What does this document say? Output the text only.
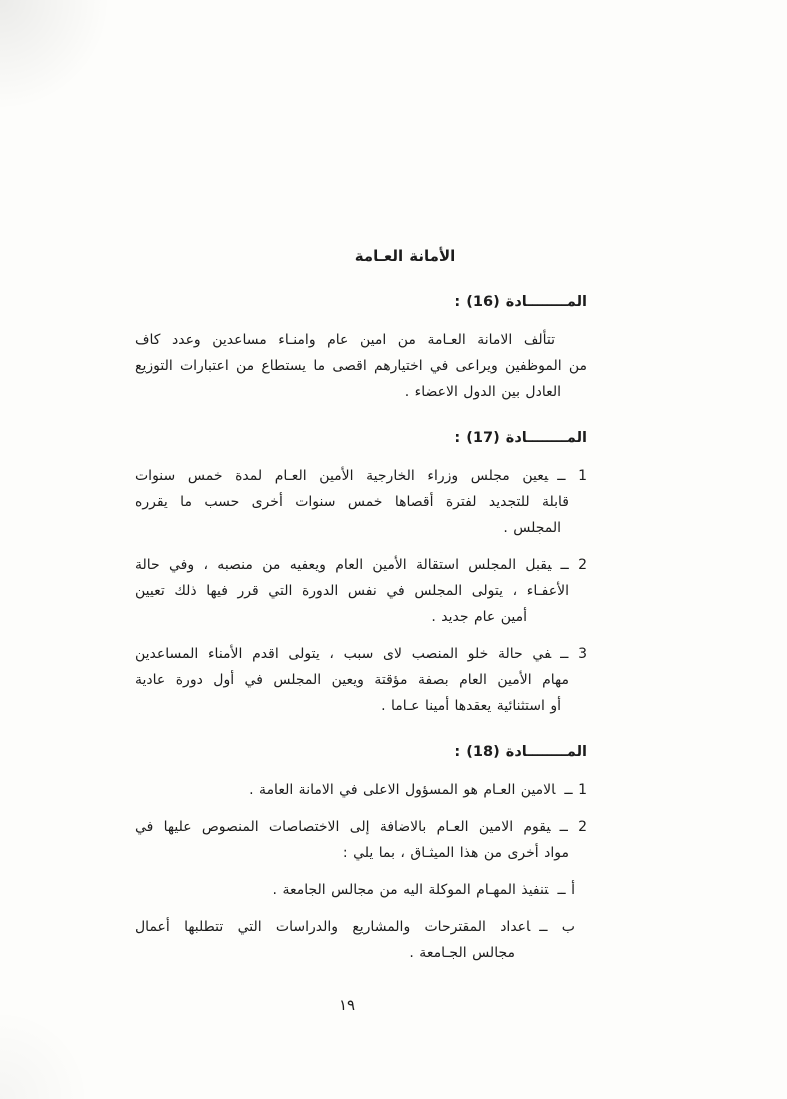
الأمانة العـامة
المــــــــادة (16) :
تتألف الامانة العـامة من امين عام وامنـاء مساعدين وعدد كاف
من الموظفين ويراعى في اختيارهم اقصى ما يستطاع من اعتبارات التوزيع
العادل بين الدول الاعضاء .
المــــــــادة (17) :
1 ــيعين مجلس وزراء الخارجية الأمين العـام لمدة خمس سنوات
قابلة للتجديد لفترة أقصاها خمس سنوات أخرى حسب ما يقرره
المجلس .
2 ــيقبل المجلس استقالة الأمين العام ويعفيه من منصبه ، وفي حالة
الأعفـاء ، يتولى المجلس في نفس الدورة التي قرر فيها ذلك تعيين
أمين عام جديد .
3 ــفي حالة خلو المنصب لاى سبب ، يتولى اقدم الأمناء المساعدين
مهام الأمين العام بصفة مؤقتة ويعين المجلس في أول دورة عادية
أو استثنائية يعقدها أمينا عـاما .
المــــــــادة (18) :
1 ــالامين العـام هو المسؤول الاعلى في الامانة العامة .
2 ــيقوم الامين العـام بالاضافة إلى الاختصاصات المنصوص عليها في
مواد أخرى من هذا الميثـاق ، بما يلي :
أ ــتنفيذ المهـام الموكلة اليه من مجالس الجامعة .
ب ــاعداد المقترحات والمشاريع والدراسات التي تتطلبها أعمال
مجالس الجـامعة .
١٩
